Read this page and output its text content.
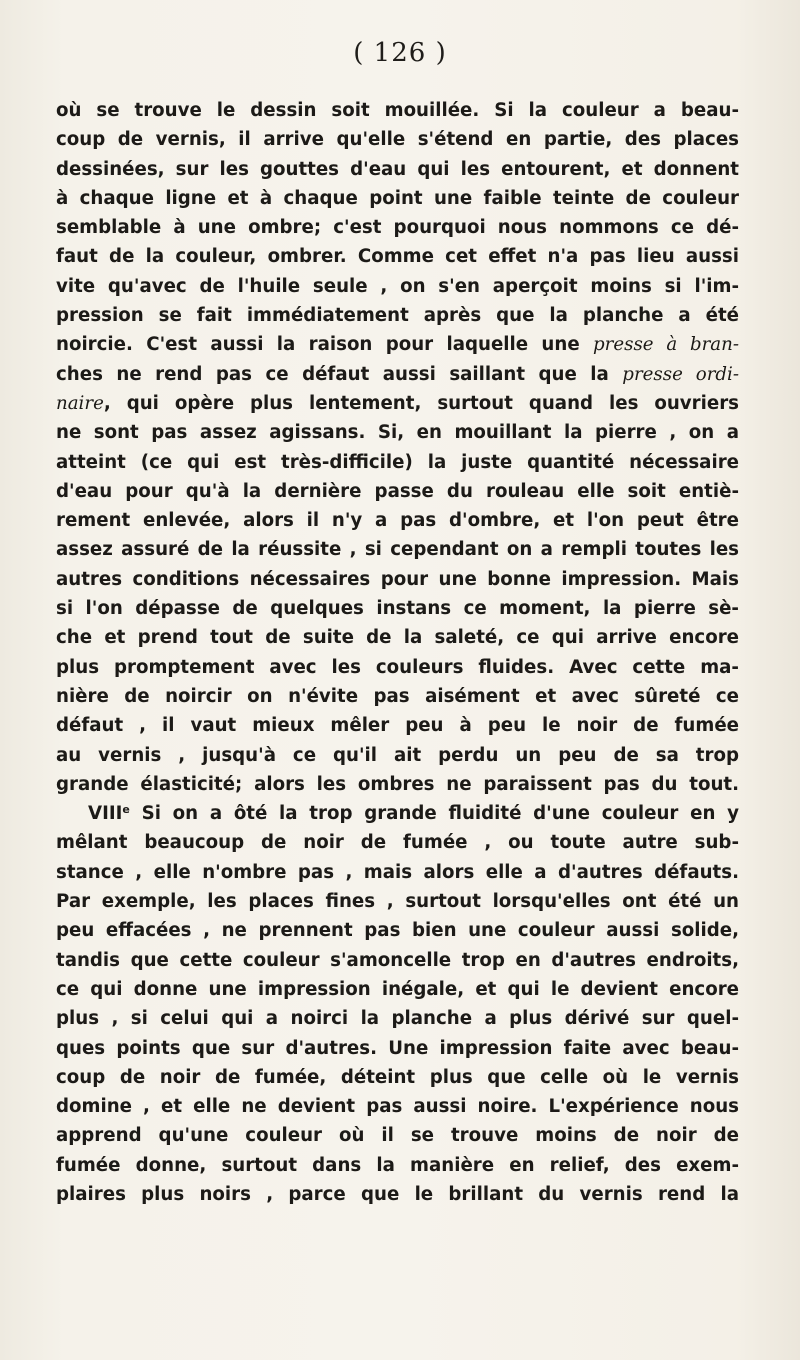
( 126 )
où se trouve le dessin soit mouillée. Si la couleur a beau-
coup de vernis, il arrive qu'elle s'étend en partie, des places
dessinées, sur les gouttes d'eau qui les entourent, et donnent
à chaque ligne et à chaque point une faible teinte de couleur
semblable à une ombre; c'est pourquoi nous nommons ce dé-
faut de la couleur, ombrer. Comme cet effet n'a pas lieu aussi
vite qu'avec de l'huile seule , on s'en aperçoit moins si l'im-
pression se fait immédiatement après que la planche a été
noircie. C'est aussi la raison pour laquelle une presse à bran-
ches ne rend pas ce défaut aussi saillant que la presse ordi-
naire, qui opère plus lentement, surtout quand les ouvriers
ne sont pas assez agissans. Si, en mouillant la pierre , on a
atteint (ce qui est très-difficile) la juste quantité nécessaire
d'eau pour qu'à la dernière passe du rouleau elle soit entiè-
rement enlevée, alors il n'y a pas d'ombre, et l'on peut être
assez assuré de la réussite , si cependant on a rempli toutes les
autres conditions nécessaires pour une bonne impression. Mais
si l'on dépasse de quelques instans ce moment, la pierre sè-
che et prend tout de suite de la saleté, ce qui arrive encore
plus promptement avec les couleurs fluides. Avec cette ma-
nière de noircir on n'évite pas aisément et avec sûreté ce
défaut , il vaut mieux mêler peu à peu le noir de fumée
au vernis , jusqu'à ce qu'il ait perdu un peu de sa trop
grande élasticité; alors les ombres ne paraissent pas du tout.
VIIIe Si on a ôté la trop grande fluidité d'une couleur en y
mêlant beaucoup de noir de fumée , ou toute autre sub-
stance , elle n'ombre pas , mais alors elle a d'autres défauts.
Par exemple, les places fines , surtout lorsqu'elles ont été un
peu effacées , ne prennent pas bien une couleur aussi solide,
tandis que cette couleur s'amoncelle trop en d'autres endroits,
ce qui donne une impression inégale, et qui le devient encore
plus , si celui qui a noirci la planche a plus dérivé sur quel-
ques points que sur d'autres. Une impression faite avec beau-
coup de noir de fumée, déteint plus que celle où le vernis
domine , et elle ne devient pas aussi noire. L'expérience nous
apprend qu'une couleur où il se trouve moins de noir de
fumée donne, surtout dans la manière en relief, des exem-
plaires plus noirs , parce que le brillant du vernis rend la
